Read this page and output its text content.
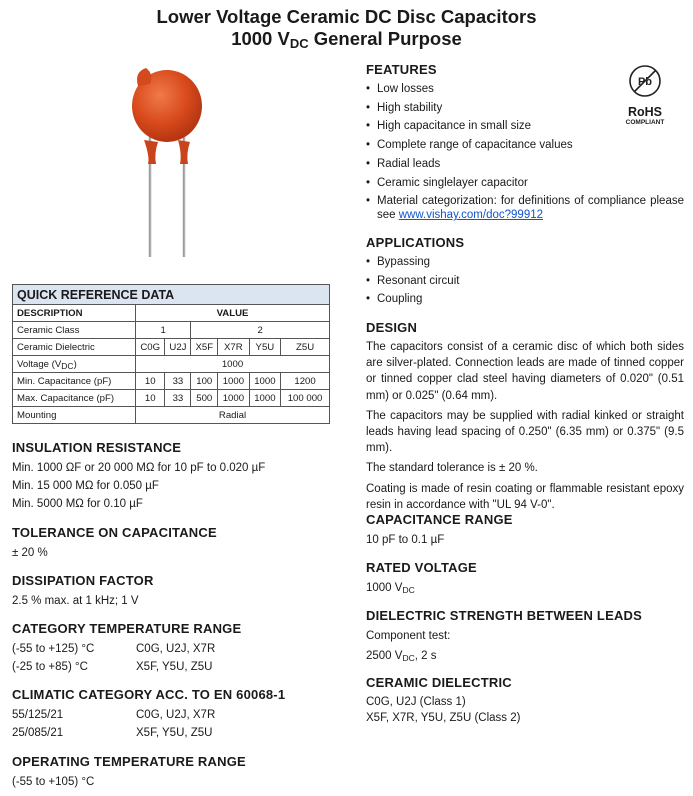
Lower Voltage Ceramic DC Disc Capacitors
1000 $V_{DC}$ General Purpose
Pb
RoHS
COMPLIANT
QUICK REFERENCE DATA						
DESCRIPTION	VALUE					
Ceramic Class	1		2			
Ceramic Dielectric	C0G	U2J	X5F	X7R	Y5U	Z5U
Voltage $(V_{DC})$	1000					
Min. Capacitance (pF)	10	33	100	1000	1000	1200
Max. Capacitance (pF)	10	33	500	1000	1000	100 000
Mounting	Radial					
INSULATION RESISTANCE
Min. 1000 ΩF or 20 000 MΩ for 10 pF to 0.020 µF
Min. 15 000 MΩ for 0.050 µF
Min. 5000 MΩ for 0.10 µF
TOLERANCE ON CAPACITANCE
± 20 %
DISSIPATION FACTOR
2.5 % max. at 1 kHz; 1 V
CATEGORY TEMPERATURE RANGE
(-55 to +125) °C	C0G, U2J, X7R
(-25 to +85) °C	X5F, Y5U, Z5U
CLIMATIC CATEGORY ACC. TO EN 60068-1
55/125/21	C0G, U2J, X7R
25/085/21	X5F, Y5U, Z5U
OPERATING TEMPERATURE RANGE
(-55 to +105) °C
FEATURES
• Low losses
• High stability
• High capacitance in small size
• Complete range of capacitance values
• Radial leads
• Ceramic singlelayer capacitor
• Material categorization: for definitions of compliance please see www.vishay.com/doc?99912
APPLICATIONS
• Bypassing
• Resonant circuit
• Coupling
DESIGN
The capacitors consist of a ceramic disc of which both sides are silver-plated. Connection leads are made of tinned copper or tinned copper clad steel having diameters of 0.020" (0.51 mm) or 0.025" (0.64 mm).
The capacitors may be supplied with radial kinked or straight leads having lead spacing of 0.250" (6.35 mm) or 0.375" (9.5 mm).
The standard tolerance is ± 20 %.
Coating is made of resin coating or flammable resistant epoxy resin in accordance with "UL 94 V-0".
CAPACITANCE RANGE
10 pF to 0.1 µF
RATED VOLTAGE
1000 $V_{DC}$
DIELECTRIC STRENGTH BETWEEN LEADS
Component test:
2500 $V_{DC}$, 2 s
CERAMIC DIELECTRIC
C0G, U2J (Class 1)
X5F, X7R, Y5U, Z5U (Class 2)
